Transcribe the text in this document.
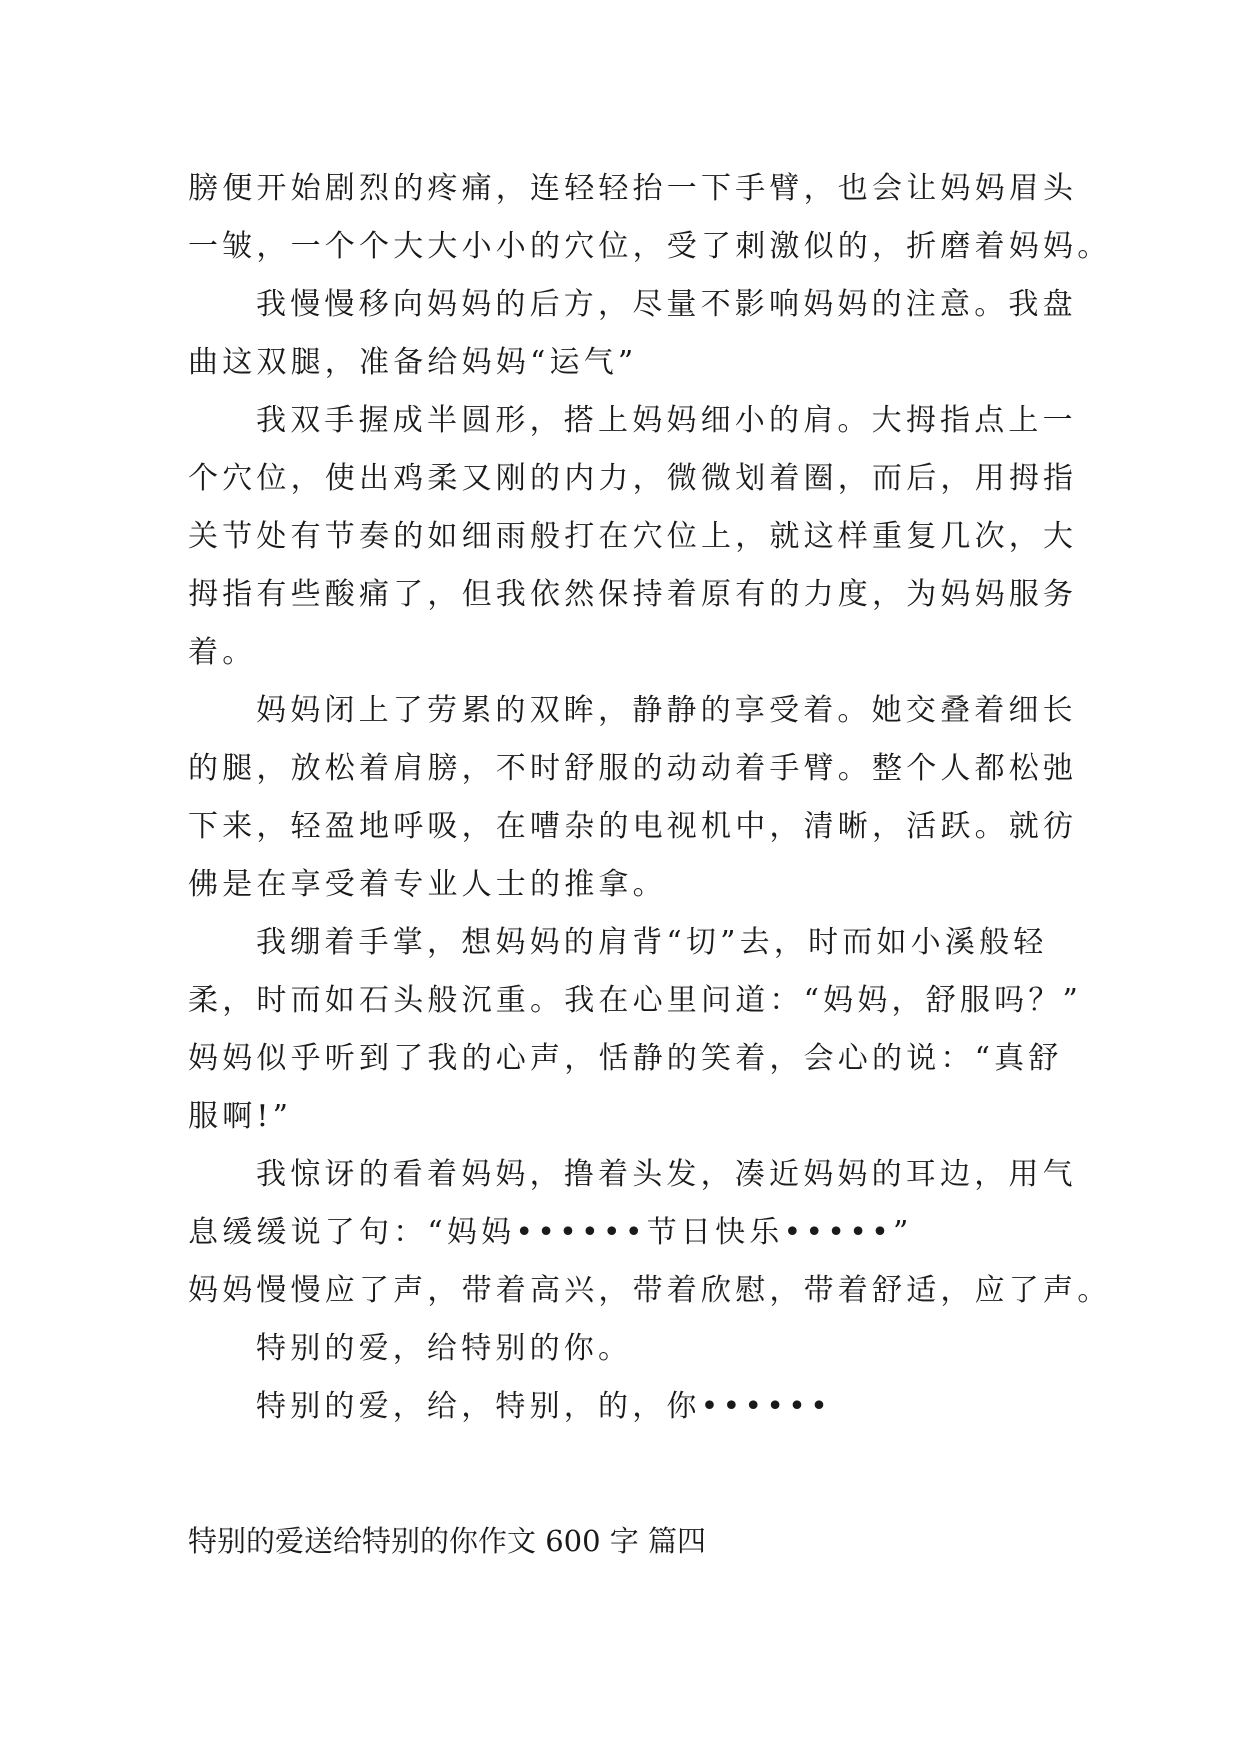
膀便开始剧烈的疼痛，连轻轻抬一下手臂，也会让妈妈眉头
一皱，一个个大大小小的穴位，受了刺激似的，折磨着妈妈。
我慢慢移向妈妈的后方，尽量不影响妈妈的注意。我盘
曲这双腿，准备给妈妈“运气”
我双手握成半圆形，搭上妈妈细小的肩。大拇指点上一
个穴位，使出鸡柔又刚的内力，微微划着圈，而后，用拇指
关节处有节奏的如细雨般打在穴位上，就这样重复几次，大
拇指有些酸痛了，但我依然保持着原有的力度，为妈妈服务
着。
妈妈闭上了劳累的双眸，静静的享受着。她交叠着细长
的腿，放松着肩膀，不时舒服的动动着手臂。整个人都松弛
下来，轻盈地呼吸，在嘈杂的电视机中，清晰，活跃。就彷
佛是在享受着专业人士的推拿。
我绷着手掌，想妈妈的肩背“切”去，时而如小溪般轻
柔，时而如石头般沉重。我在心里问道：“妈妈，舒服吗？”
妈妈似乎听到了我的心声，恬静的笑着，会心的说：“真舒
服啊!”
我惊讶的看着妈妈，撸着头发，凑近妈妈的耳边，用气
息缓缓说了句：“妈妈••••••节日快乐•••••”
妈妈慢慢应了声，带着高兴，带着欣慰，带着舒适，应了声。
特别的爱，给特别的你。
特别的爱，给，特别，的，你••••••
特别的爱送给特别的你作文 600 字 篇四
